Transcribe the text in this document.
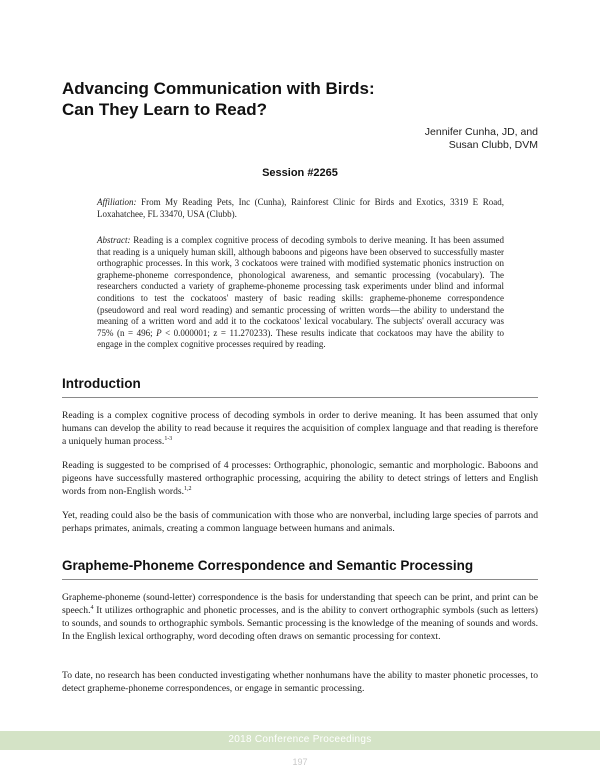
Advancing Communication with Birds:
Can They Learn to Read?
Jennifer Cunha, JD, and
Susan Clubb, DVM
Session #2265
Affiliation: From My Reading Pets, Inc (Cunha), Rainforest Clinic for Birds and Exotics, 3319 E Road, Loxahatchee, FL 33470, USA (Clubb).
Abstract: Reading is a complex cognitive process of decoding symbols to derive meaning. It has been assumed that reading is a uniquely human skill, although baboons and pigeons have been observed to successfully master orthographic processes. In this work, 3 cockatoos were trained with modified systematic phonics instruction on grapheme-phoneme correspondence, phonological awareness, and semantic processing (vocabulary). The researchers conducted a variety of grapheme-phoneme processing task experiments under blind and informal conditions to test the cockatoos' mastery of basic reading skills: grapheme-phoneme correspondence (pseudoword and real word reading) and semantic processing of written words—the ability to understand the meaning of a written word and add it to the cockatoos' lexical vocabulary. The subjects' overall accuracy was 75% (n = 496; P < 0.000001; z = 11.270233). These results indicate that cockatoos may have the ability to engage in the complex cognitive processes required by reading.
Introduction
Reading is a complex cognitive process of decoding symbols in order to derive meaning. It has been assumed that only humans can develop the ability to read because it requires the acquisition of complex language and that reading is therefore a uniquely human process.$^{1-3}$
Reading is suggested to be comprised of 4 processes: Orthographic, phonologic, semantic and morphologic. Baboons and pigeons have successfully mastered orthographic processing, acquiring the ability to detect strings of letters and English words from non-English words.$^{1,2}$
Yet, reading could also be the basis of communication with those who are nonverbal, including large species of parrots and perhaps primates, animals, creating a common language between humans and animals.
Grapheme-Phoneme Correspondence and Semantic Processing
Grapheme-phoneme (sound-letter) correspondence is the basis for understanding that speech can be print, and print can be speech.$^4$ It utilizes orthographic and phonetic processes, and is the ability to convert orthographic symbols (such as letters) to sounds, and sounds to orthographic symbols. Semantic processing is the knowledge of the meaning of sounds and words. In the English lexical orthography, word decoding often draws on semantic processing for context.
To date, no research has been conducted investigating whether nonhumans have the ability to master phonetic processes, to detect grapheme-phoneme correspondences, or engage in semantic processing.
2018 Conference Proceedings
197
